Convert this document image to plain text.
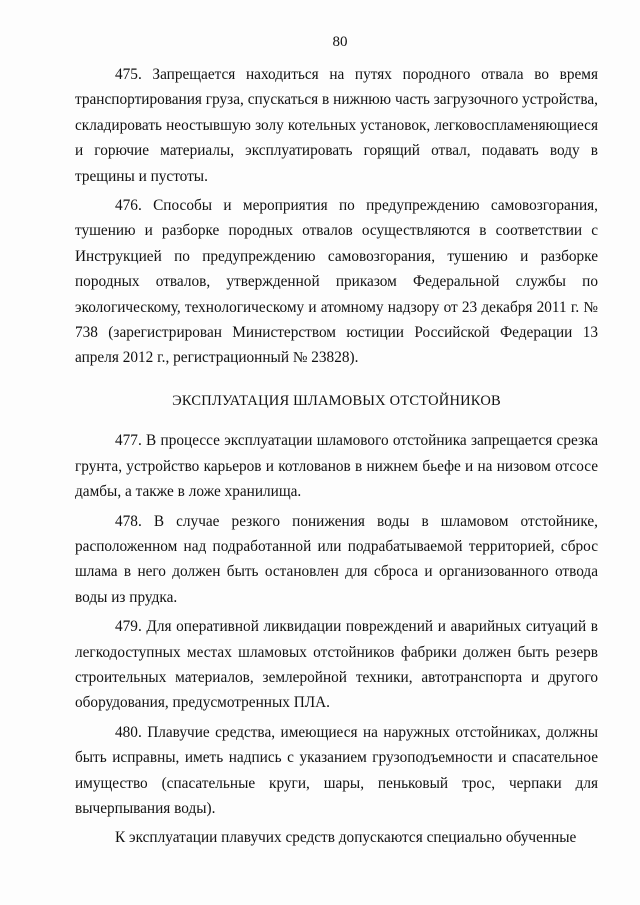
80

475. Запрещается находиться на путях породного отвала во время транспортирования груза, спускаться в нижнюю часть загрузочного устройства, складировать неостывшую золу котельных установок, легковоспламеняющиеся и горючие материалы, эксплуатировать горящий отвал, подавать воду в трещины и пустоты.

476. Способы и мероприятия по предупреждению самовозгорания, тушению и разборке породных отвалов осуществляются в соответствии с Инструкцией по предупреждению самовозгорания, тушению и разборке породных отвалов, утвержденной приказом Федеральной службы по экологическому, технологическому и атомному надзору от 23 декабря 2011 г. № 738 (зарегистрирован Министерством юстиции Российской Федерации 13 апреля 2012 г., регистрационный № 23828).

ЭКСПЛУАТАЦИЯ ШЛАМОВЫХ ОТСТОЙНИКОВ

477. В процессе эксплуатации шламового отстойника запрещается срезка грунта, устройство карьеров и котлованов в нижнем бьефе и на низовом отсосе дамбы, а также в ложе хранилища.

478. В случае резкого понижения воды в шламовом отстойнике, расположенном над подработанной или подрабатываемой территорией, сброс шлама в него должен быть остановлен для сброса и организованного отвода воды из прудка.

479. Для оперативной ликвидации повреждений и аварийных ситуаций в легкодоступных местах шламовых отстойников фабрики должен быть резерв строительных материалов, землеройной техники, автотранспорта и другого оборудования, предусмотренных ПЛА.

480. Плавучие средства, имеющиеся на наружных отстойниках, должны быть исправны, иметь надпись с указанием грузоподъемности и спасательное имущество (спасательные круги, шары, пеньковый трос, черпаки для вычерпывания воды).

К эксплуатации плавучих средств допускаются специально обученные
